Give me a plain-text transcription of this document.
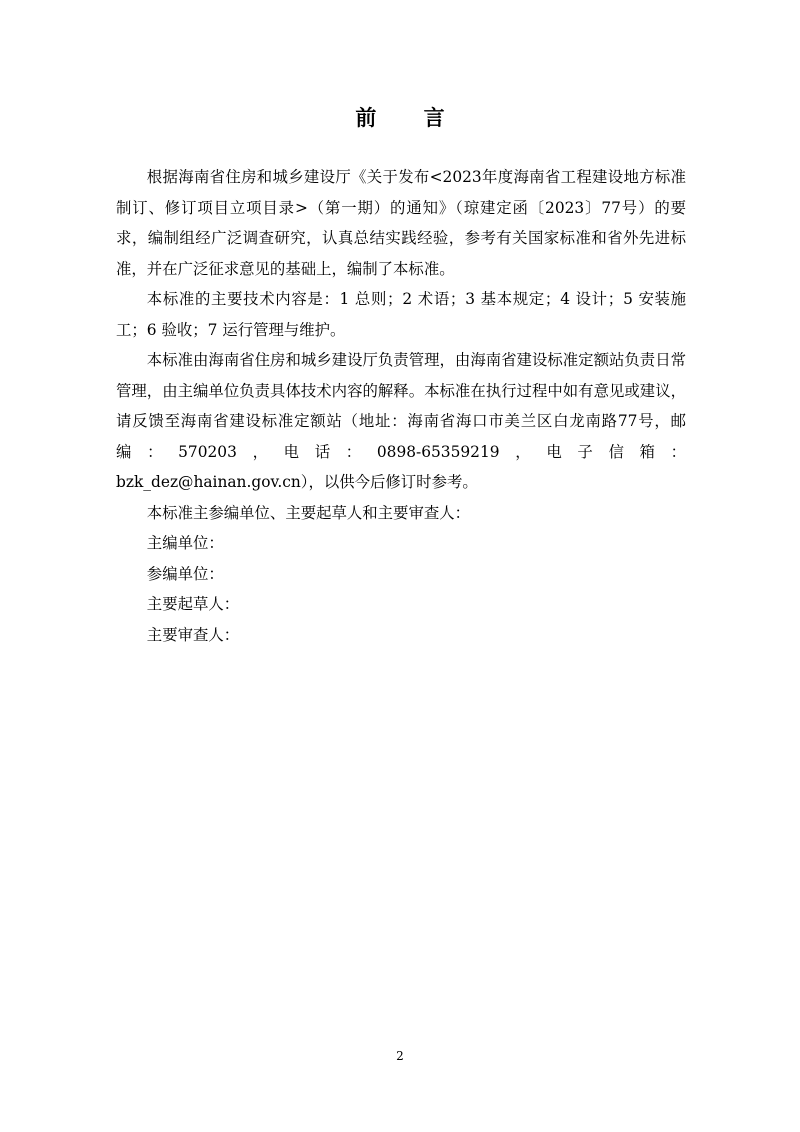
前 言

根据海南省住房和城乡建设厅《关于发布<2023年度海南省工程建设地方标准制订、修订项目立项目录>（第一期）的通知》（琼建定函〔2023〕77号）的要求，编制组经广泛调查研究，认真总结实践经验，参考有关国家标准和省外先进标准，并在广泛征求意见的基础上，编制了本标准。

本标准的主要技术内容是：1 总则；2 术语；3 基本规定；4 设计；5 安装施工；6 验收；7 运行管理与维护。

本标准由海南省住房和城乡建设厅负责管理，由海南省建设标准定额站负责日常管理，由主编单位负责具体技术内容的解释。本标准在执行过程中如有意见或建议，请反馈至海南省建设标准定额站（地址：海南省海口市美兰区白龙南路77号，邮编：570203，电话：0898-65359219，电子信箱：bzk_dez@hainan.gov.cn），以供今后修订时参考。

本标准主参编单位、主要起草人和主要审查人：

主编单位：

参编单位：

主要起草人：

主要审查人：

2
